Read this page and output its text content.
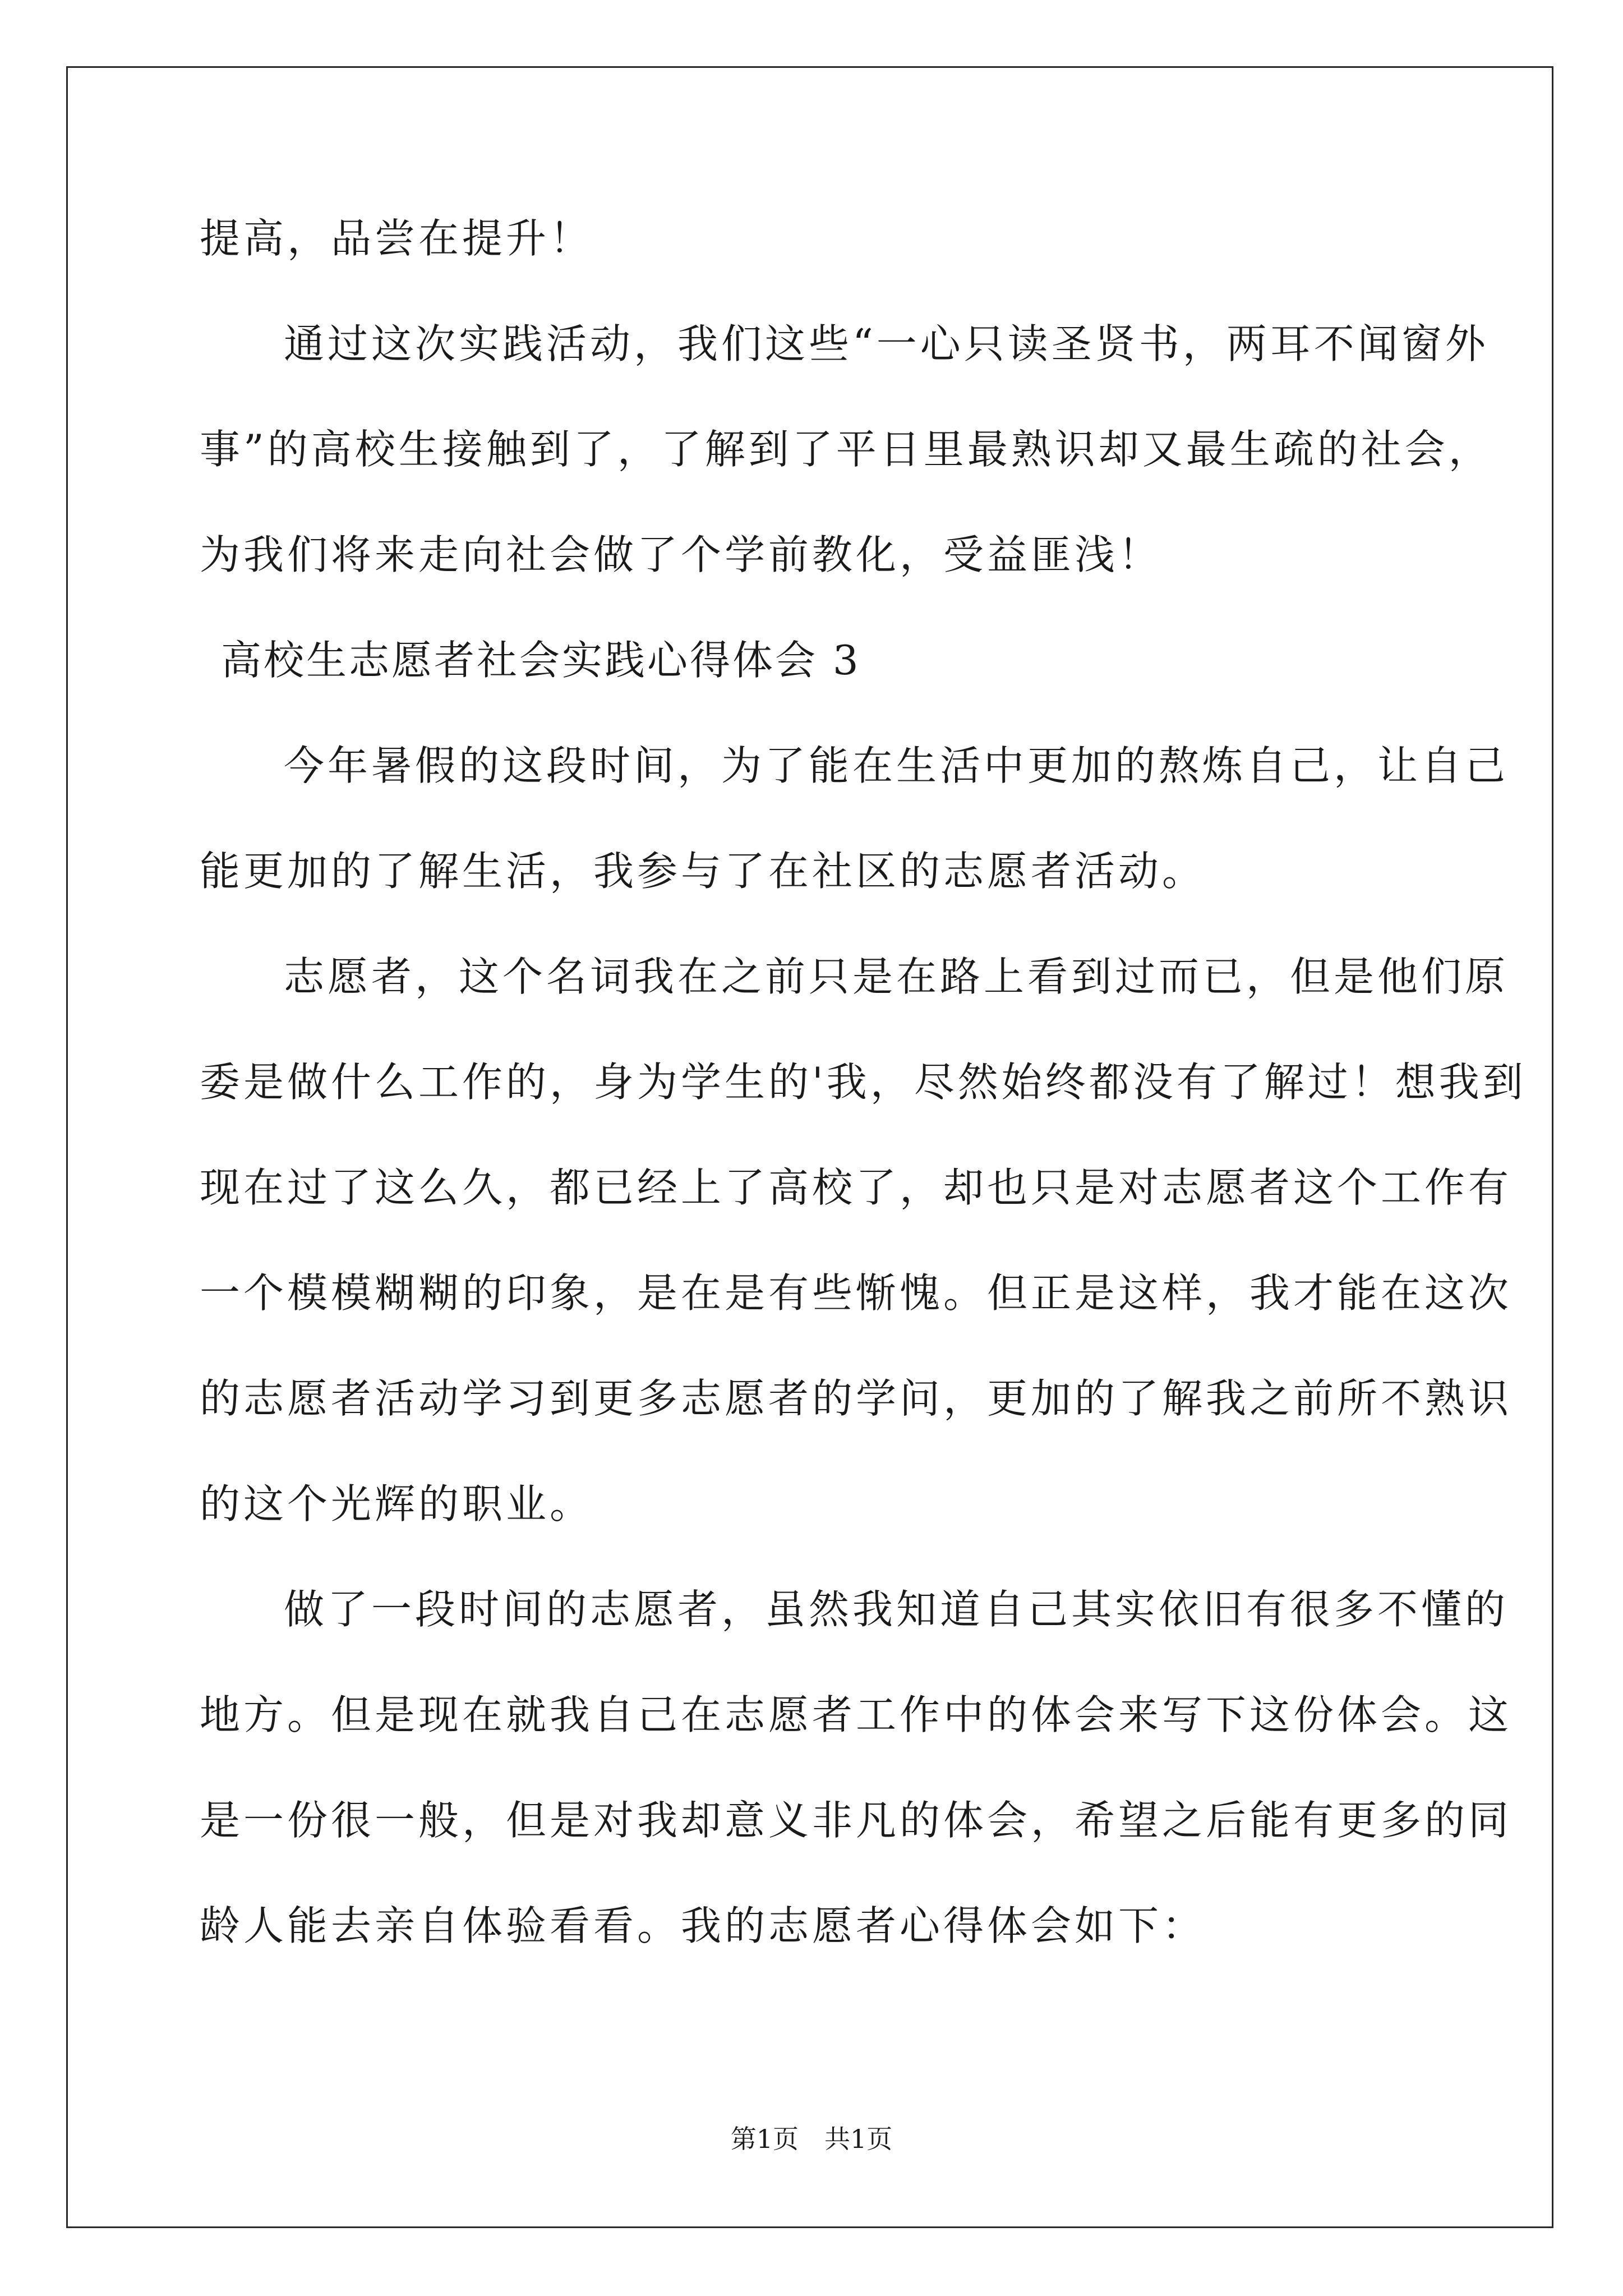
提高，品尝在提升！
通过这次实践活动，我们这些“一心只读圣贤书，两耳不闻窗外
事”的高校生接触到了，了解到了平日里最熟识却又最生疏的社会，
为我们将来走向社会做了个学前教化，受益匪浅！
高校生志愿者社会实践心得体会 3
今年暑假的这段时间，为了能在生活中更加的熬炼自己，让自己
能更加的了解生活，我参与了在社区的志愿者活动。
志愿者，这个名词我在之前只是在路上看到过而已，但是他们原
委是做什么工作的，身为学生的'我，尽然始终都没有了解过！想我到
现在过了这么久，都已经上了高校了，却也只是对志愿者这个工作有
一个模模糊糊的印象，是在是有些惭愧。但正是这样，我才能在这次
的志愿者活动学习到更多志愿者的学问，更加的了解我之前所不熟识
的这个光辉的职业。
做了一段时间的志愿者，虽然我知道自己其实依旧有很多不懂的
地方。但是现在就我自己在志愿者工作中的体会来写下这份体会。这
是一份很一般，但是对我却意义非凡的体会，希望之后能有更多的同
龄人能去亲自体验看看。我的志愿者心得体会如下：
第1页　共1页
